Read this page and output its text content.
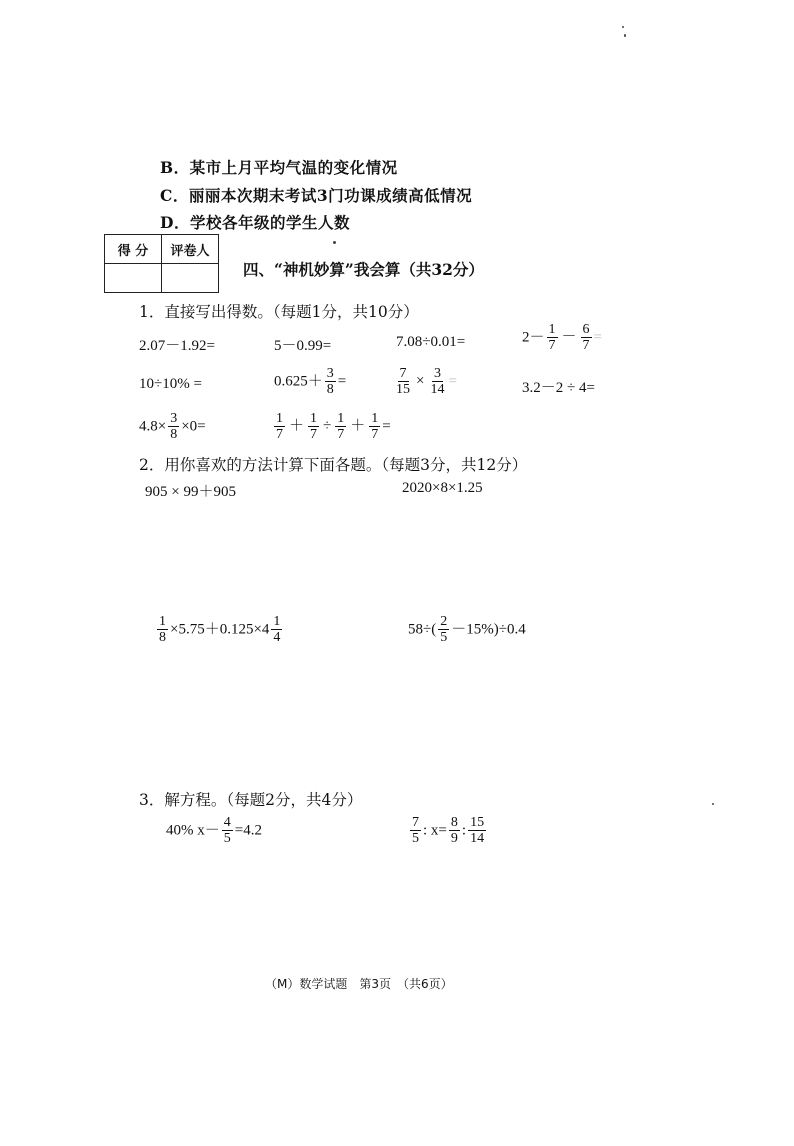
B．某市上月平均气温的变化情况
C．丽丽本次期末考试3门功课成绩高低情况
D．学校各年级的学生人数
得 分	评卷人

四、“神机妙算”我会算（共32分）
1．直接写出得数。（每题1分，共10分）
2.07－1.92=	5－0.99=	7.08÷0.01=	$2- \frac{1}{7} - \frac{6}{7}$ =
10÷10% =	$0.625+ \frac{3}{8}$ =	$\frac{7}{15} \times \frac{3}{14}$ =	3.2－2 ÷ 4=
$4.8\times \frac{3}{8} \times 0=$	$\frac{1}{7} + \frac{1}{7} \div \frac{1}{7} + \frac{1}{7}$ =
2．用你喜欢的方法计算下面各题。（每题3分，共12分）
905 × 99＋905	2020×8×1.25
$\frac{1}{8} \times 5.75+0.125\times 4 \frac{1}{4}$	$58\div( \frac{2}{5} -15\%)\div 0.4$
3．解方程。（每题2分，共4分）
40% $x- \frac{4}{5} =4.2$	$\frac{7}{5}$ : $x= \frac{8}{9}$ : $\frac{15}{14}$
（M）数学试题　第3页　（共6页）
